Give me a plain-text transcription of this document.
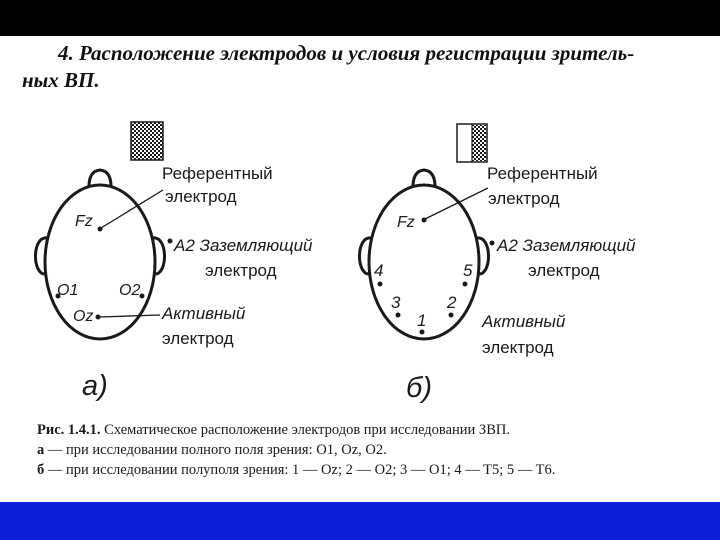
4. Расположение электродов и условия регистрации зритель-
ных ВП.
Референтный
электрод
Fz
A2 Заземляющий
электрод
O1	O2
Oz	Активный
электрод
а)
Референтный
электрод
Fz
A2 Заземляющий
электрод
4	5
3	2
1	Активный
электрод
б)

Рис. 1.4.1. Схематическое расположение электродов при исследовании ЗВП.

а — при исследовании полного поля зрения: O1, Oz, O2.

б — при исследовании полуполя зрения: 1 — Oz; 2 — O2; 3 — O1; 4 — T5; 5 — T6.
